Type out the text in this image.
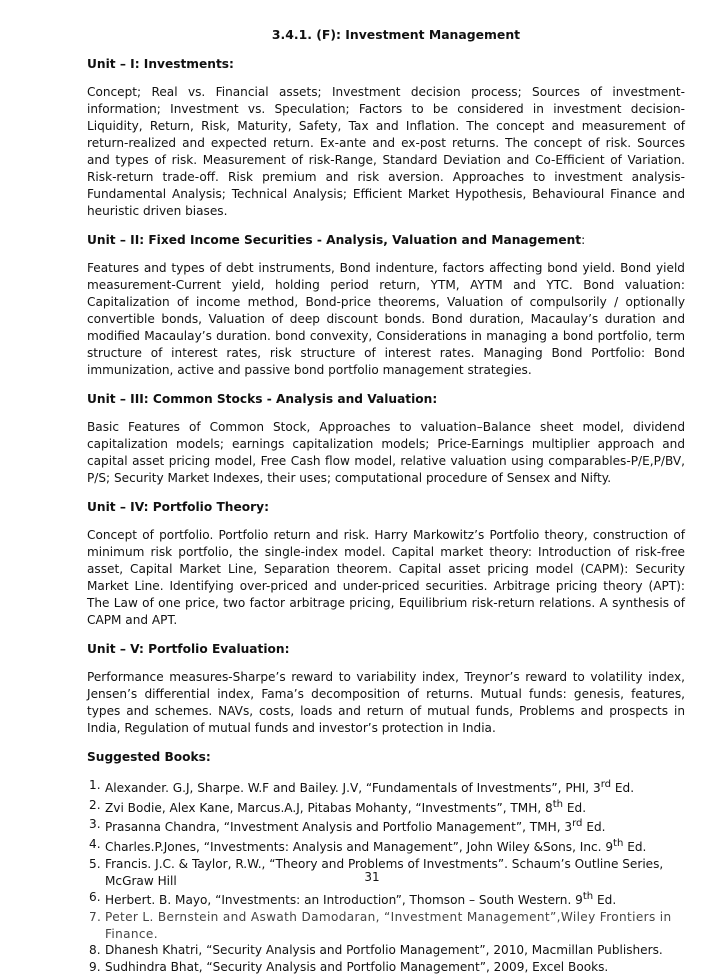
3.4.1. (F): Investment Management
Unit – I: Investments:
Concept; Real vs. Financial assets; Investment decision process; Sources of investment-information; Investment vs. Speculation; Factors to be considered in investment decision-Liquidity, Return, Risk, Maturity, Safety, Tax and Inflation. The concept and measurement of return-realized and expected return. Ex-ante and ex-post returns. The concept of risk. Sources and types of risk. Measurement of risk-Range, Standard Deviation and Co-Efficient of Variation. Risk-return trade-off. Risk premium and risk aversion. Approaches to investment analysis-Fundamental Analysis; Technical Analysis; Efficient Market Hypothesis, Behavioural Finance and heuristic driven biases.
Unit – II: Fixed Income Securities - Analysis, Valuation and Management:
Features and types of debt instruments, Bond indenture, factors affecting bond yield. Bond yield measurement-Current yield, holding period return, YTM, AYTM and YTC. Bond valuation: Capitalization of income method, Bond-price theorems, Valuation of compulsorily / optionally convertible bonds, Valuation of deep discount bonds. Bond duration, Macaulay’s duration and modified Macaulay’s duration. bond convexity, Considerations in managing a bond portfolio, term structure of interest rates, risk structure of interest rates. Managing Bond Portfolio: Bond immunization, active and passive bond portfolio management strategies.
Unit – III: Common Stocks - Analysis and Valuation:
Basic Features of Common Stock, Approaches to valuation–Balance sheet model, dividend capitalization models; earnings capitalization models; Price-Earnings multiplier approach and capital asset pricing model, Free Cash flow model, relative valuation using comparables-P/E,P/BV, P/S; Security Market Indexes, their uses; computational procedure of Sensex and Nifty.
Unit – IV: Portfolio Theory:
Concept of portfolio. Portfolio return and risk. Harry Markowitz’s Portfolio theory, construction of minimum risk portfolio, the single-index model. Capital market theory: Introduction of risk-free asset, Capital Market Line, Separation theorem. Capital asset pricing model (CAPM): Security Market Line. Identifying over-priced and under-priced securities. Arbitrage pricing theory (APT): The Law of one price, two factor arbitrage pricing, Equilibrium risk-return relations. A synthesis of CAPM and APT.
Unit – V: Portfolio Evaluation:
Performance measures-Sharpe’s reward to variability index, Treynor’s reward to volatility index, Jensen’s differential index, Fama’s decomposition of returns. Mutual funds: genesis, features, types and schemes. NAVs, costs, loads and return of mutual funds, Problems and prospects in India, Regulation of mutual funds and investor’s protection in India.
Suggested Books:
1. Alexander. G.J, Sharpe. W.F and Bailey. J.V, “Fundamentals of Investments”, PHI, 3rd Ed.
2. Zvi Bodie, Alex Kane, Marcus.A.J, Pitabas Mohanty, “Investments”, TMH, 8th Ed.
3. Prasanna Chandra, “Investment Analysis and Portfolio Management”, TMH, 3rd Ed.
4. Charles.P.Jones, “Investments: Analysis and Management”, John Wiley &Sons, Inc. 9th Ed.
5. Francis. J.C. & Taylor, R.W., “Theory and Problems of Investments”. Schaum’s Outline Series, McGraw Hill
6. Herbert. B. Mayo, “Investments: an Introduction”, Thomson – South Western. 9th Ed.
7. Peter L. Bernstein and Aswath Damodaran, “Investment Management”,Wiley Frontiers in Finance.
8. Dhanesh Khatri, “Security Analysis and Portfolio Management”, 2010, Macmillan Publishers.
9. Sudhindra Bhat, “Security Analysis and Portfolio Management”, 2009, Excel Books.
31
